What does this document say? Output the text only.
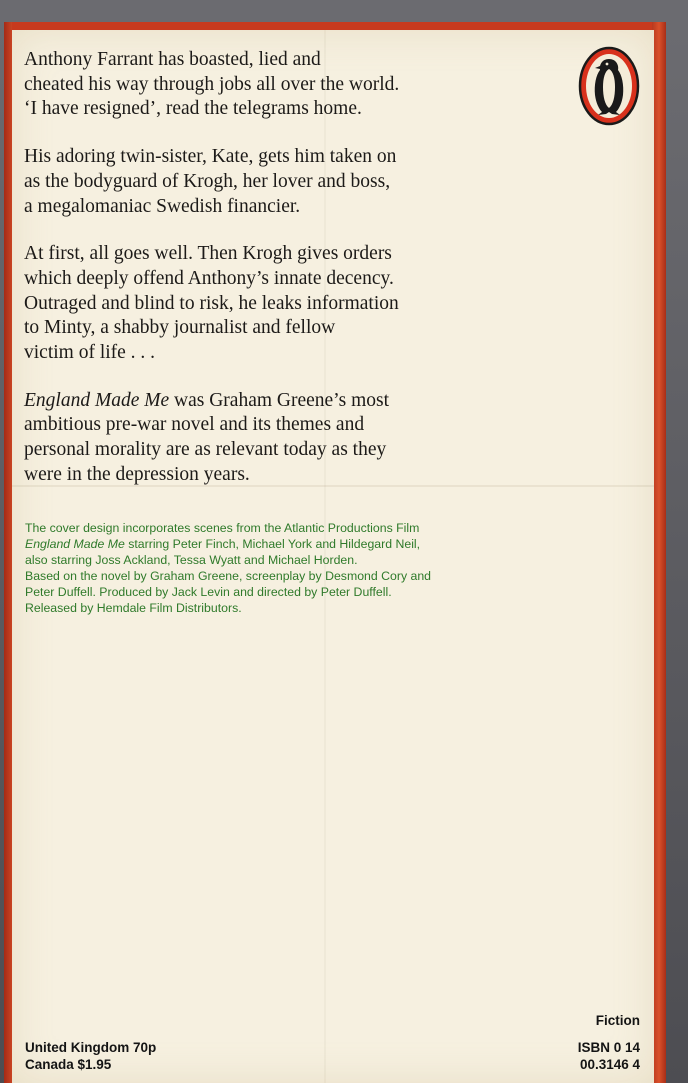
Anthony Farrant has boasted, lied and
cheated his way through jobs all over the world.
‘I have resigned’, read the telegrams home.

His adoring twin-sister, Kate, gets him taken on
as the bodyguard of Krogh, her lover and boss,
a megalomaniac Swedish financier.

At first, all goes well. Then Krogh gives orders
which deeply offend Anthony’s innate decency.
Outraged and blind to risk, he leaks information
to Minty, a shabby journalist and fellow
victim of life . . .

England Made Me was Graham Greene’s most
ambitious pre-war novel and its themes and
personal morality are as relevant today as they
were in the depression years.

The cover design incorporates scenes from the Atlantic Productions Film
England Made Me starring Peter Finch, Michael York and Hildegard Neil,
also starring Joss Ackland, Tessa Wyatt and Michael Horden.
Based on the novel by Graham Greene, screenplay by Desmond Cory and
Peter Duffell. Produced by Jack Levin and directed by Peter Duffell.
Released by Hemdale Film Distributors.
Fiction
United Kingdom 70p
Canada $1.95
ISBN 0 14
00.3146 4
